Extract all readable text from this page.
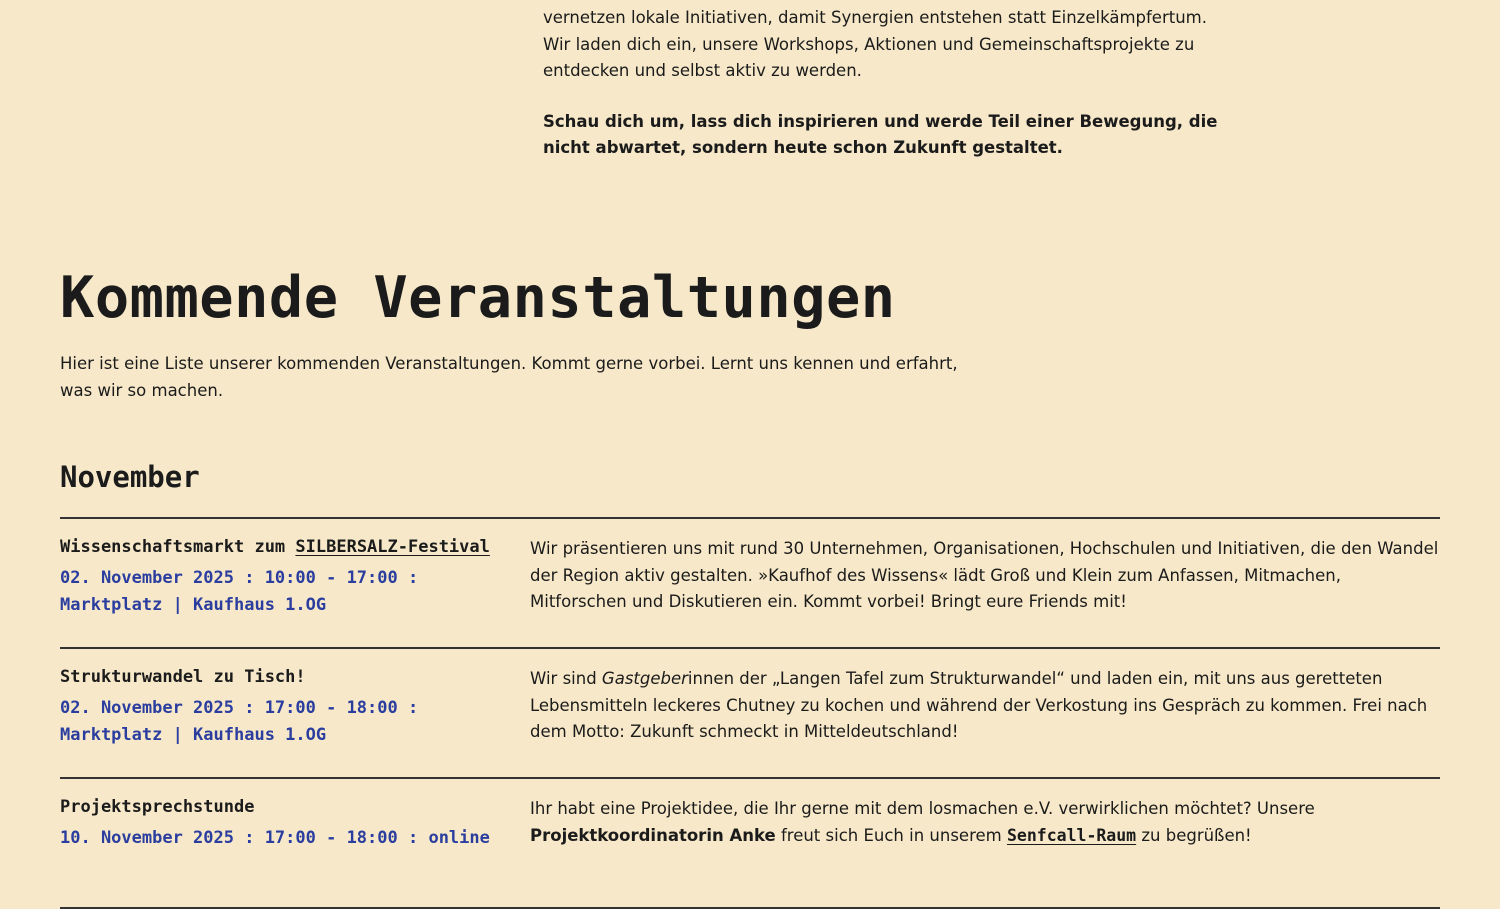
vernetzen lokale Initiativen, damit Synergien entstehen statt Einzelkämpfertum. Wir laden dich ein, unsere Workshops, Aktionen und Gemeinschaftsprojekte zu entdecken und selbst aktiv zu werden.

Schau dich um, lass dich inspirieren und werde Teil einer Bewegung, die nicht abwartet, sondern heute schon Zukunft gestaltet.

Kommende Veranstaltungen

Hier ist eine Liste unserer kommenden Veranstaltungen. Kommt gerne vorbei. Lernt uns kennen und erfahrt, was wir so machen.

November
Wissenschaftsmarkt zum SILBERSALZ-Festival
02. November 2025 : 10:00 - 17:00 : Marktplatz | Kaufhaus 1.OG
Wir präsentieren uns mit rund 30 Unternehmen, Organisationen, Hochschulen und Initiativen, die den Wandel der Region aktiv gestalten. »Kaufhof des Wissens« lädt Groß und Klein zum Anfassen, Mitmachen, Mitforschen und Diskutieren ein. Kommt vorbei! Bringt eure Friends mit!
Strukturwandel zu Tisch!
02. November 2025 : 17:00 - 18:00 : Marktplatz | Kaufhaus 1.OG
Wir sind Gastgeberinnen der „Langen Tafel zum Strukturwandel“ und laden ein, mit uns aus geretteten Lebensmitteln leckeres Chutney zu kochen und während der Verkostung ins Gespräch zu kommen. Frei nach dem Motto: Zukunft schmeckt in Mitteldeutschland!
Projektsprechstunde
10. November 2025 : 17:00 - 18:00 : online
Ihr habt eine Projektidee, die Ihr gerne mit dem losmachen e.V. verwirklichen möchtet? Unsere Projektkoordinatorin Anke freut sich Euch in unserem Senfcall-Raum zu begrüßen!
